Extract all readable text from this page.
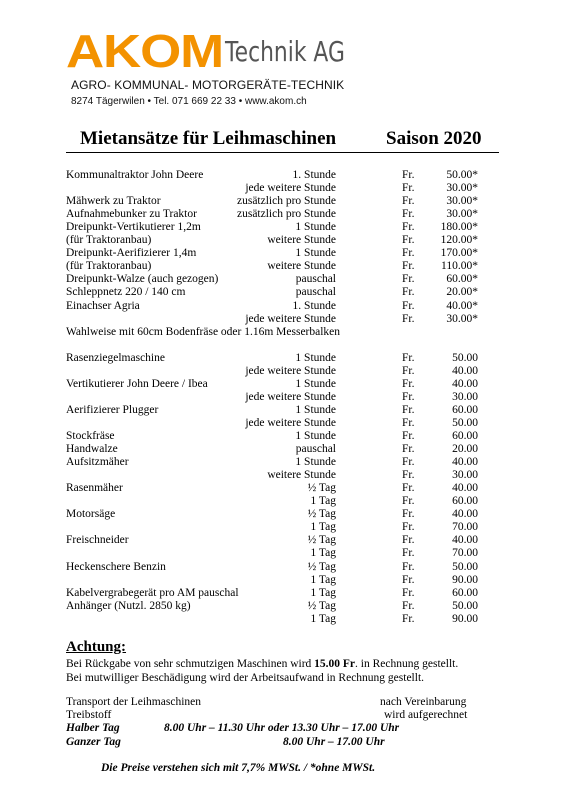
AKOM Technik AG
AGRO- KOMMUNAL- MOTORGERÄTE-TECHNIK
8274 Tägerwilen • Tel. 071 669 22 33 • www.akom.ch
Mietansätze für Leihmaschinen	Saison 2020
Kommunaltraktor John Deere	1. Stunde	Fr.	50.00*
jede weitere Stunde	Fr.	30.00*
Mähwerk zu Traktor	zusätzlich pro Stunde	Fr.	30.00*
Aufnahmebunker zu Traktor	zusätzlich pro Stunde	Fr.	30.00*
Dreipunkt-Vertikutierer 1,2m	1 Stunde	Fr. 180.00*
(für Traktoranbau)	weitere Stunde	Fr. 120.00*
Dreipunkt-Aerifizierer 1,4m	1 Stunde	Fr. 170.00*
(für Traktoranbau)	weitere Stunde	Fr. 110.00*
Dreipunkt-Walze (auch gezogen)	pauschal	Fr.	60.00*
Schleppnetz 220 / 140 cm	pauschal	Fr.	20.00*
Einachser Agria	1. Stunde	Fr.	40.00*
jede weitere Stunde	Fr.	30.00*
Wahlweise mit 60cm Bodenfräse oder 1.16m Messerbalken
Rasenziegelmaschine	1 Stunde	Fr.	50.00
jede weitere Stunde	Fr.	40.00
Vertikutierer John Deere / Ibea	1 Stunde	Fr.	40.00
jede weitere Stunde	Fr.	30.00
Aerifizierer Plugger	1 Stunde	Fr.	60.00
jede weitere Stunde	Fr.	50.00
Stockfräse	1 Stunde	Fr.	60.00
Handwalze	pauschal	Fr.	20.00
Aufsitzmäher	1 Stunde	Fr.	40.00
weitere Stunde	Fr.	30.00
Rasenmäher	½ Tag	Fr.	40.00
1 Tag	Fr.	60.00
Motorsäge	½ Tag	Fr.	40.00
1 Tag	Fr.	70.00
Freischneider	½ Tag	Fr.	40.00
1 Tag	Fr.	70.00
Heckenschere Benzin	½ Tag	Fr.	50.00
1 Tag	Fr.	90.00
Kabelvergrabegerät pro AM pauschal	1 Tag	Fr.	60.00
Anhänger (Nutzl. 2850 kg)	½ Tag	Fr.	50.00
1 Tag	Fr.	90.00
Achtung:
Bei Rückgabe von sehr schmutzigen Maschinen wird 15.00 Fr. in Rechnung gestellt.
Bei mutwilliger Beschädigung wird der Arbeitsaufwand in Rechnung gestellt.
Transport der Leihmaschinen	nach Vereinbarung
Treibstoff	wird aufgerechnet
Halber Tag	8.00 Uhr – 11.30 Uhr oder 13.30 Uhr – 17.00 Uhr
Ganzer Tag	8.00 Uhr – 17.00 Uhr
Die Preise verstehen sich mit 7,7% MWSt. / *ohne MWSt.
